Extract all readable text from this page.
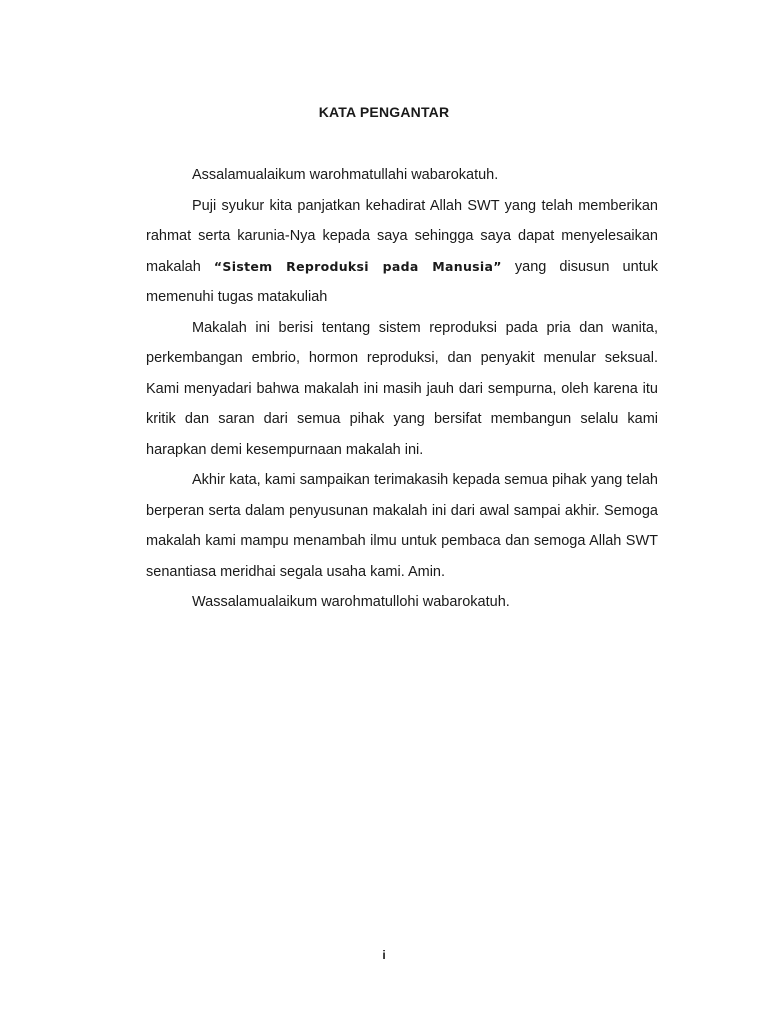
KATA PENGANTAR

Assalamualaikum warohmatullahi wabarokatuh.

Puji syukur kita panjatkan kehadirat Allah SWT yang telah memberikan rahmat serta karunia-Nya kepada saya sehingga saya dapat menyelesaikan makalah “Sistem Reproduksi pada Manusia” yang disusun untuk memenuhi tugas matakuliah

Makalah ini berisi tentang sistem reproduksi pada pria dan wanita, perkembangan embrio, hormon reproduksi, dan penyakit menular seksual. Kami menyadari bahwa makalah ini masih jauh dari sempurna, oleh karena itu kritik dan saran dari semua pihak yang bersifat membangun selalu kami harapkan demi kesempurnaan makalah ini.

Akhir kata, kami sampaikan terimakasih kepada semua pihak yang telah berperan serta dalam penyusunan makalah ini dari awal sampai akhir. Semoga makalah kami mampu menambah ilmu untuk pembaca dan semoga Allah SWT senantiasa meridhai segala usaha kami. Amin.

Wassalamualaikum warohmatullohi wabarokatuh.

i
